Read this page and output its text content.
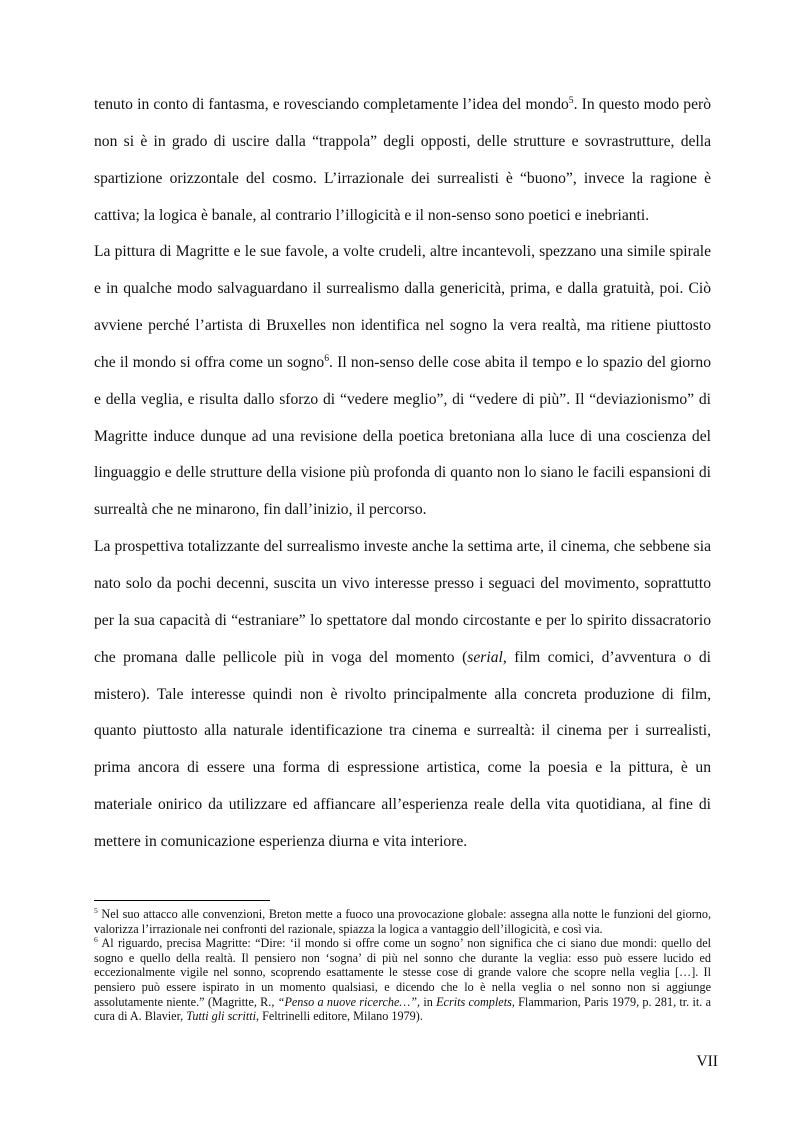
tenuto in conto di fantasma, e rovesciando completamente l’idea del mondo$^5$. In questo modo però non si è in grado di uscire dalla “trappola” degli opposti, delle strutture e sovrastrutture, della spartizione orizzontale del cosmo. L’irrazionale dei surrealisti è “buono”, invece la ragione è cattiva; la logica è banale, al contrario l’illogicità e il non-senso sono poetici e inebrianti.

La pittura di Magritte e le sue favole, a volte crudeli, altre incantevoli, spezzano una simile spirale e in qualche modo salvaguardano il surrealismo dalla genericità, prima, e dalla gratuità, poi. Ciò avviene perché l’artista di Bruxelles non identifica nel sogno la vera realtà, ma ritiene piuttosto che il mondo si offra come un sogno$^6$. Il non-senso delle cose abita il tempo e lo spazio del giorno e della veglia, e risulta dallo sforzo di “vedere meglio”, di “vedere di più”. Il “deviazionismo” di Magritte induce dunque ad una revisione della poetica bretoniana alla luce di una coscienza del linguaggio e delle strutture della visione più profonda di quanto non lo siano le facili espansioni di surrealtà che ne minarono, fin dall’inizio, il percorso.

La prospettiva totalizzante del surrealismo investe anche la settima arte, il cinema, che sebbene sia nato solo da pochi decenni, suscita un vivo interesse presso i seguaci del movimento, soprattutto per la sua capacità di “estraniare” lo spettatore dal mondo circostante e per lo spirito dissacratorio che promana dalle pellicole più in voga del momento (serial, film comici, d’avventura o di mistero). Tale interesse quindi non è rivolto principalmente alla concreta produzione di film, quanto piuttosto alla naturale identificazione tra cinema e surrealtà: il cinema per i surrealisti, prima ancora di essere una forma di espressione artistica, come la poesia e la pittura, è un materiale onirico da utilizzare ed affiancare all’esperienza reale della vita quotidiana, al fine di mettere in comunicazione esperienza diurna e vita interiore.

$^5$ Nel suo attacco alle convenzioni, Breton mette a fuoco una provocazione globale: assegna alla notte le funzioni del giorno, valorizza l’irrazionale nei confronti del razionale, spiazza la logica a vantaggio dell’illogicità, e così via.

$^6$ Al riguardo, precisa Magritte: “Dire: ‘il mondo si offre come un sogno’ non significa che ci siano due mondi: quello del sogno e quello della realtà. Il pensiero non ‘sogna’ di più nel sonno che durante la veglia: esso può essere lucido ed eccezionalmente vigile nel sonno, scoprendo esattamente le stesse cose di grande valore che scopre nella veglia […]. Il pensiero può essere ispirato in un momento qualsiasi, e dicendo che lo è nella veglia o nel sonno non si aggiunge assolutamente niente.” (Magritte, R., “Penso a nuove ricerche…”, in Ecrits complets, Flammarion, Paris 1979, p. 281, tr. it. a cura di A. Blavier, Tutti gli scritti, Feltrinelli editore, Milano 1979).

VII
